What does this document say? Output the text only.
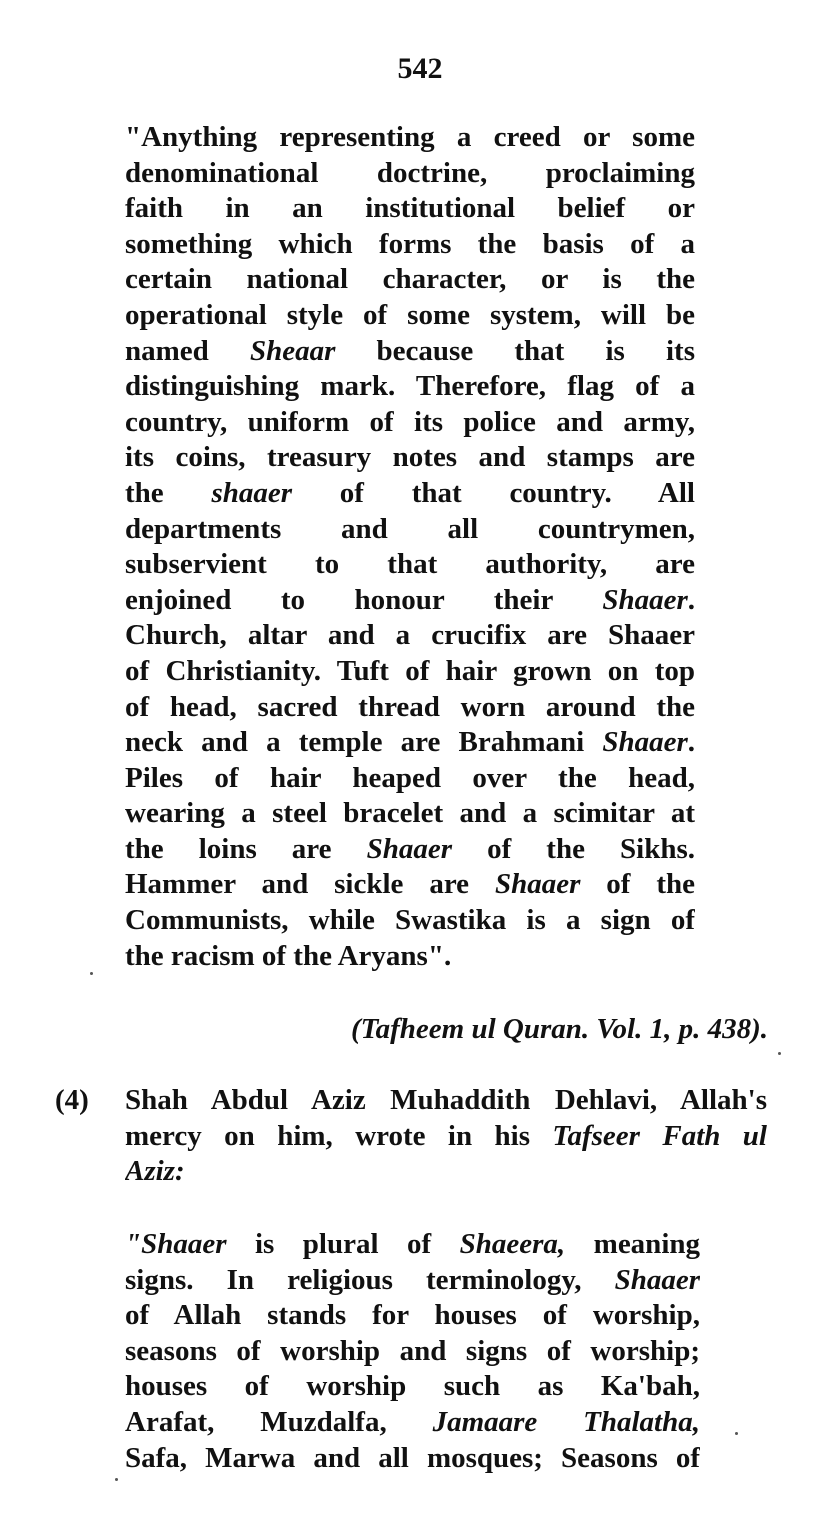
542
"Anything representing a creed or some
denominational doctrine, proclaiming
faith in an institutional belief or
something which forms the basis of a
certain national character, or is the
operational style of some system, will be
named Sheaar because that is its
distinguishing mark. Therefore, flag of a
country, uniform of its police and army,
its coins, treasury notes and stamps are
the shaaer of that country. All
departments and all countrymen,
subservient to that authority, are
enjoined to honour their Shaaer.
Church, altar and a crucifix are Shaaer
of Christianity. Tuft of hair grown on top
of head, sacred thread worn around the
neck and a temple are Brahmani Shaaer.
Piles of hair heaped over the head,
wearing a steel bracelet and a scimitar at
the loins are Shaaer of the Sikhs.
Hammer and sickle are Shaaer of the
Communists, while Swastika is a sign of
the racism of the Aryans".
(Tafheem ul Quran. Vol. 1, p. 438).
(4) Shah Abdul Aziz Muhaddith Dehlavi, Allah's
mercy on him, wrote in his Tafseer Fath ul
Aziz:
"Shaaer is plural of Shaeera, meaning
signs. In religious terminology, Shaaer
of Allah stands for houses of worship,
seasons of worship and signs of worship;
houses of worship such as Ka'bah,
Arafat, Muzdalfa, Jamaare Thalatha,
Safa, Marwa and all mosques; Seasons of
